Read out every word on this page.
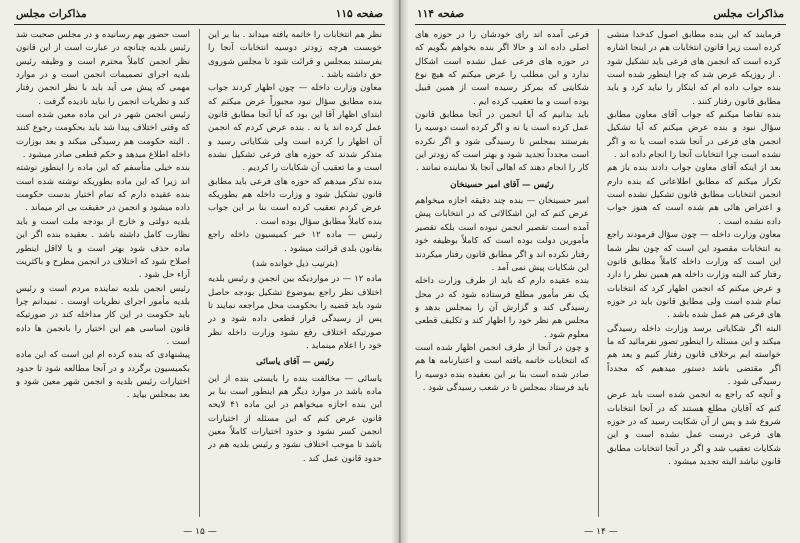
صفحه ۱۱۵
مذاکرات مجلس

است حضور بهم رسانیده و در مجلس صحبت شد رئیس بلدیه چنانچه در عبارت است از این قانون نظر انجمن کاملاً محترم است و وظیفه رئیس بلدیه اجرای تصمیمات انجمن است و در موارد مهمی که پیش می آید باید با نظر انجمن رفتار کند و نظریات انجمن را نباید نادیده گرفت .

رئیس انجمن شهر در این ماده معین شده است که وقتی اختلاف پیدا شد باید بحکومت رجوع کنند . البته حکومت هم رسیدگی میکند و بعد بوزارت داخله اطلاع میدهد و حکم قطعی صادر میشود .

بنده خیلی متأسفم که این ماده را اینطور نوشته اند زیرا که این ماده بطوریکه نوشته شده است بنده عقیده دارم که تمام اختیار بدست حکومت داده میشود و انجمن در حقیقت بی اثر میماند .

بلدیه دولتی و خارج از بودجه ملت است و باید نظارت کامل داشته باشد . بعقیده بنده اگر این ماده حذف شود بهتر است و یا لااقل اینطور اصلاح شود که اختلاف در انجمن مطرح و باکثریت آراء حل شود .

رئیس انجمن بلدیه نماینده مردم است و رئیس بلدیه مأمور اجرای نظریات اوست . نمیدانم چرا باید حکومت در این کار مداخله کند در صورتیکه قانون اساسی هم این اختیار را بانجمن ها داده است .

پیشنهادی که بنده کرده ام این است که این ماده بکمیسیون برگردد و در آنجا مطالعه شود تا حدود اختیارات رئیس بلدیه و انجمن شهر معین شود و بعد بمجلس بیاید .

نظر هم انتخابات را خاتمه یافته میداند . بنا بر این خوبست هرچه زودتر دوسیه انتخابات آنجا را بفرستند بمجلس و قرائت شود تا مجلس شوروی حق داشته باشد .

معاون وزارت داخله — چون اظهار کردند جواب بنده مطابق سؤال نبود مجبوراً عرض میکنم که ابتدای اظهار آقا این بود که آیا آنجا مطابق قانون عمل کرده اند یا نه . بنده عرض کردم که انجمن آن اظهار را کرده است ولی شکایاتی رسید و متذکر شدند که حوزه های فرعی تشکیل نشده است و ما تعقیب آن شکایات را کردیم .

بنده تذکر میدهم که حوزه های فرعی باید مطابق قانون تشکیل شود و وزارت داخله هم بطوریکه عرض کردم تعقیب کرده است بنا بر این جواب بنده کاملاً مطابق سؤال بوده است .

رئیس — ماده ۱۲ خبر کمیسیون داخله راجع بقانون بلدی قرائت میشود .

(بترتیب ذیل خوانده شد)

ماده ۱۲ — در مواردیکه بین انجمن و رئیس بلدیه اختلاف نظر راجع بموضوع تشکیل بودجه حاصل شود باید قضیه را بحکومت محل مراجعه نمایند تا پس از رسیدگی قرار قطعی داده شود و در صورتیکه اختلاف رفع نشود وزارت داخله نظر خود را اعلام مینماید .

رئیس — آقای یاسائی

یاسائی — مخالفت بنده را بایستی بنده از این ماده باشد در موارد دیگر هم اینطور است بنا بر این بنده اجازه میخواهم در این ماده ۴۱ لایحه قانون عرض کنم که این مسئله از اختیارات انجمن کسر نشود و حدود اختیارات کاملاً معین باشد تا موجب اختلاف نشود و رئیس بلدیه هم در حدود قانون عمل کند .

— ۱۵ —
مذاکرات مجلس
صفحه ۱۱۴

فرعی آمده اند رای خودشان را در حوزه های اصلی داده اند و حالا اگر بنده بخواهم بگویم که در حوزه های فرعی عمل نشده است اشکال ندارد و این مطلب را عرض میکنم که هیچ نوع شکایتی که بمرکز رسیده است از همین قبیل بوده است و ما تعقیب کرده ایم .

باید بدانیم که آیا انجمن در آنجا مطابق قانون عمل کرده است یا نه و اگر کرده است دوسیه را بفرستند بمجلس تا رسیدگی شود و اگر نکرده است مجدداً تجدید شود و بهتر است که زودتر این کار را انجام دهند که اهالی آنجا بلا نماینده نمانند .

رئیس — آقای امیر حسینخان

امیر حسینخان — بنده چند دقیقه اجازه میخواهم عرض کنم که این اشکالاتی که در انتخابات پیش آمده است تقصیر انجمن نبوده است بلکه تقصیر مأمورین دولت بوده است که کاملاً بوظیفه خود رفتار نکرده اند و اگر مطابق قانون رفتار میکردند این شکایات پیش نمی آمد .

بنده عقیده دارم که باید از طرف وزارت داخله یک نفر مأمور مطلع فرستاده شود که در محل رسیدگی کند و گزارش آن را بمجلس بدهد و مجلس هم نظر خود را اظهار کند و تکلیف قطعی معلوم شود .

و چون در آنجا از طرف انجمن اظهار شده است که انتخابات خاتمه یافته است و اعتبارنامه ها هم صادر شده است بنا بر این بعقیده بنده دوسیه را باید فرستاد بمجلس تا در شعب رسیدگی شود .

فرمایند که این بنده مطابق اصول کدخدا منشی کرده است زیرا قانون انتخابات هم در اینجا اشاره کرده است که انجمن های فرعی باید تشکیل شود . از روزیکه عرض شد که چرا اینطور شده است بنده جواب داده ام که اینکار را نباید کرد و باید مطابق قانون رفتار کنند .

بنده تقاضا میکنم که جواب آقای معاون مطابق سؤال نبود و بنده عرض میکنم که آیا تشکیل انجمن های فرعی در آنجا شده است یا نه و اگر نشده است چرا انتخابات آنجا را انجام داده اند .

بعد از اینکه آقای معاون جواب دادند بنده باز هم تکرار میکنم که مطابق اطلاعاتی که بنده دارم انجمن انتخابات مطابق قانون تشکیل نشده است و اعتراض هائی هم شده است که هنوز جواب داده نشده است .

معاون وزارت داخله — چون سؤال فرمودند راجع به انتخابات مقصود این است که چون نظر شما این است که وزارت داخله کاملاً مطابق قانون رفتار کند البته وزارت داخله هم همین نظر را دارد و عرض میکنم که انجمن اظهار کرد که انتخابات تمام شده است ولی مطابق قانون باید در حوزه های فرعی هم عمل شده باشد .

البته اگر شکایاتی برسد وزارت داخله رسیدگی میکند و این مسئله را اینطور تصور نفرمائید که ما خواسته ایم برخلاف قانون رفتار کنیم و بعد هم اگر مقتضی باشد دستور میدهیم که مجدداً رسیدگی شود .

و آنچه که راجع به انجمن شده است باید عرض کنم که آقایان مطلع هستند که در آنجا انتخابات شروع شد و پس از آن شکایت رسید که در حوزه های فرعی درست عمل نشده است و این شکایات تعقیب شد و اگر در آنجا انتخابات مطابق قانون نباشد البته تجدید میشود .

— ۱۴ —
